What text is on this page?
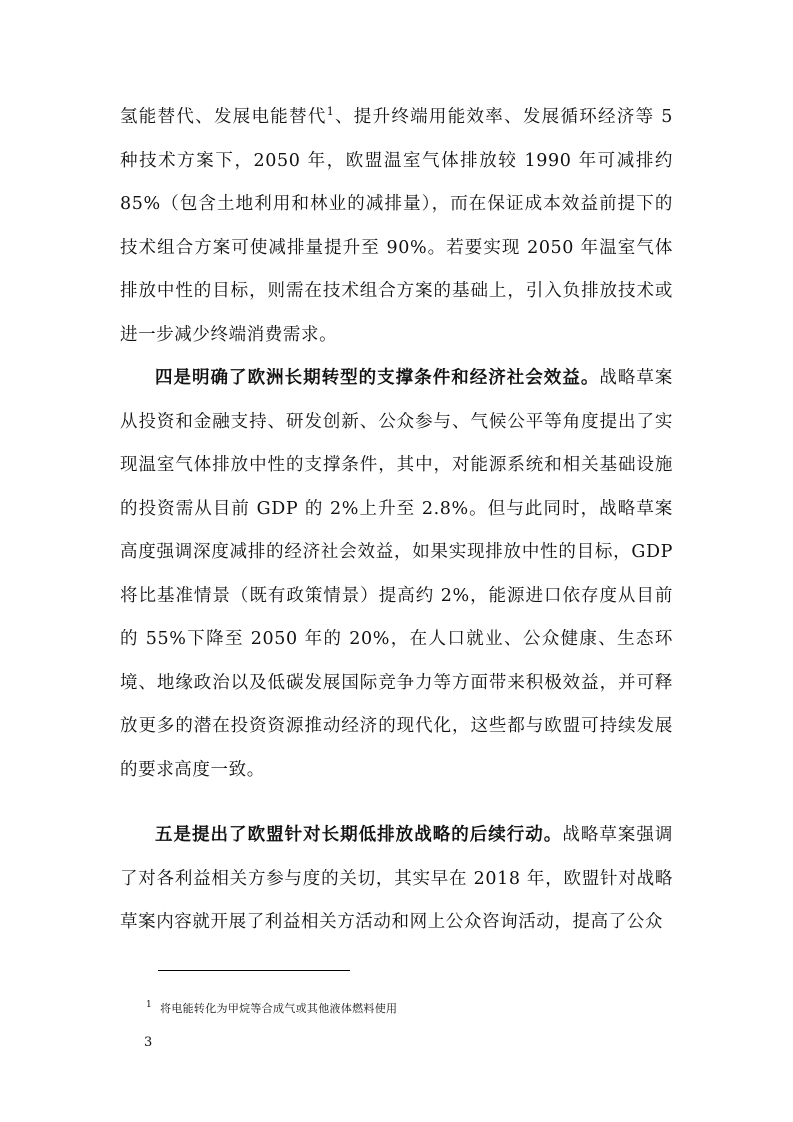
氢能替代、发展电能替代$^1$、提升终端用能效率、发展循环经济等 5 种技术方案下，2050 年，欧盟温室气体排放较 1990 年可减排约 85%（包含土地利用和林业的减排量），而在保证成本效益前提下的技术组合方案可使减排量提升至 90%。若要实现 2050 年温室气体排放中性的目标，则需在技术组合方案的基础上，引入负排放技术或进一步减少终端消费需求。

四是明确了欧洲长期转型的支撑条件和经济社会效益。战略草案从投资和金融支持、研发创新、公众参与、气候公平等角度提出了实现温室气体排放中性的支撑条件，其中，对能源系统和相关基础设施的投资需从目前 GDP 的 2%上升至 2.8%。但与此同时，战略草案高度强调深度减排的经济社会效益，如果实现排放中性的目标，GDP 将比基准情景（既有政策情景）提高约 2%，能源进口依存度从目前的 55%下降至 2050 年的 20%，在人口就业、公众健康、生态环境、地缘政治以及低碳发展国际竞争力等方面带来积极效益，并可释放更多的潜在投资资源推动经济的现代化，这些都与欧盟可持续发展的要求高度一致。

五是提出了欧盟针对长期低排放战略的后续行动。战略草案强调了对各利益相关方参与度的关切，其实早在 2018 年，欧盟针对战略草案内容就开展了利益相关方活动和网上公众咨询活动，提高了公众

$^1$ 将电能转化为甲烷等合成气或其他液体燃料使用
3
